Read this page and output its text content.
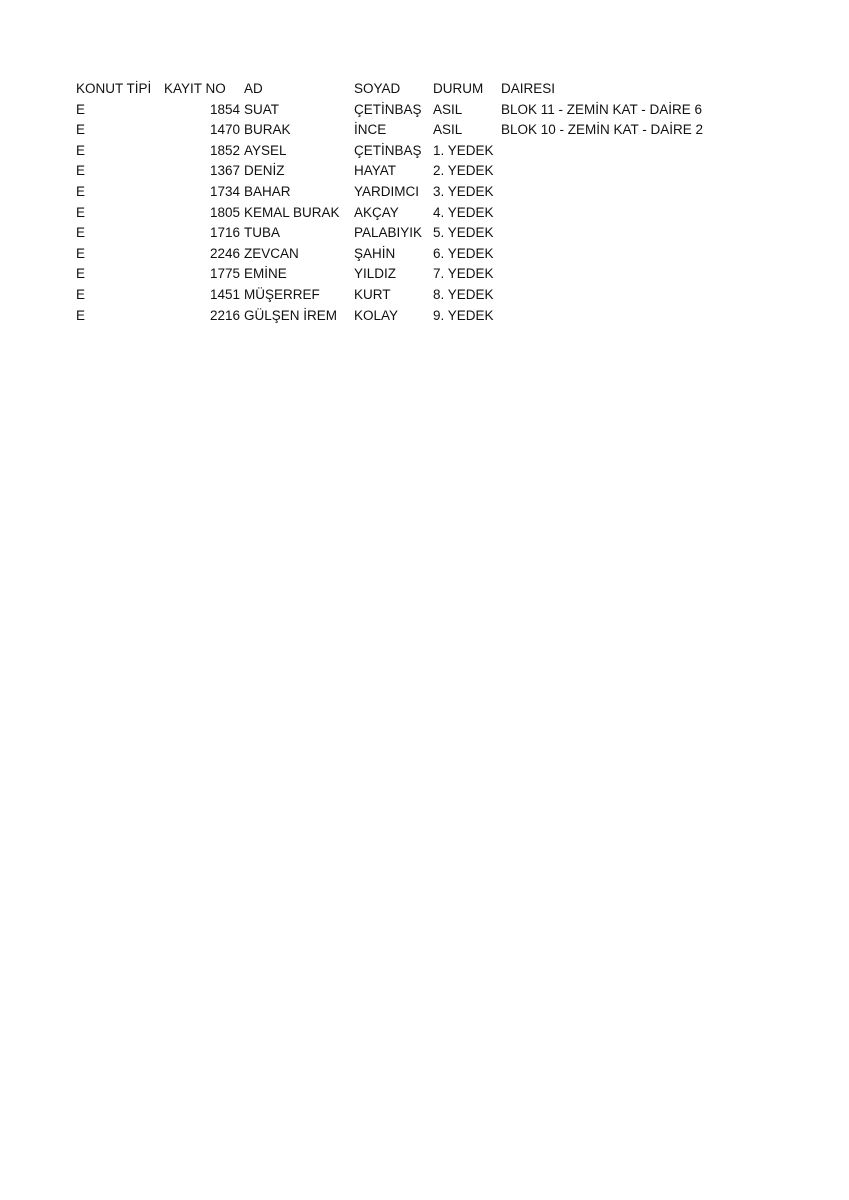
KONUT TİPİ	KAYIT NO	AD	SOYAD	DURUM	DAIRESI
E	1854	SUAT	ÇETİNBAŞ	ASIL	BLOK 11 - ZEMİN KAT - DAİRE 6
E	1470	BURAK	İNCE	ASIL	BLOK 10 - ZEMİN KAT - DAİRE 2
E	1852	AYSEL	ÇETİNBAŞ	1. YEDEK	
E	1367	DENİZ	HAYAT	2. YEDEK	
E	1734	BAHAR	YARDIMCI	3. YEDEK	
E	1805	KEMAL BURAK	AKÇAY	4. YEDEK	
E	1716	TUBA	PALABIYIK	5. YEDEK	
E	2246	ZEVCAN	ŞAHİN	6. YEDEK	
E	1775	EMİNE	YILDIZ	7. YEDEK	
E	1451	MÜŞERREF	KURT	8. YEDEK	
E	2216	GÜLŞEN İREM	KOLAY	9. YEDEK	
